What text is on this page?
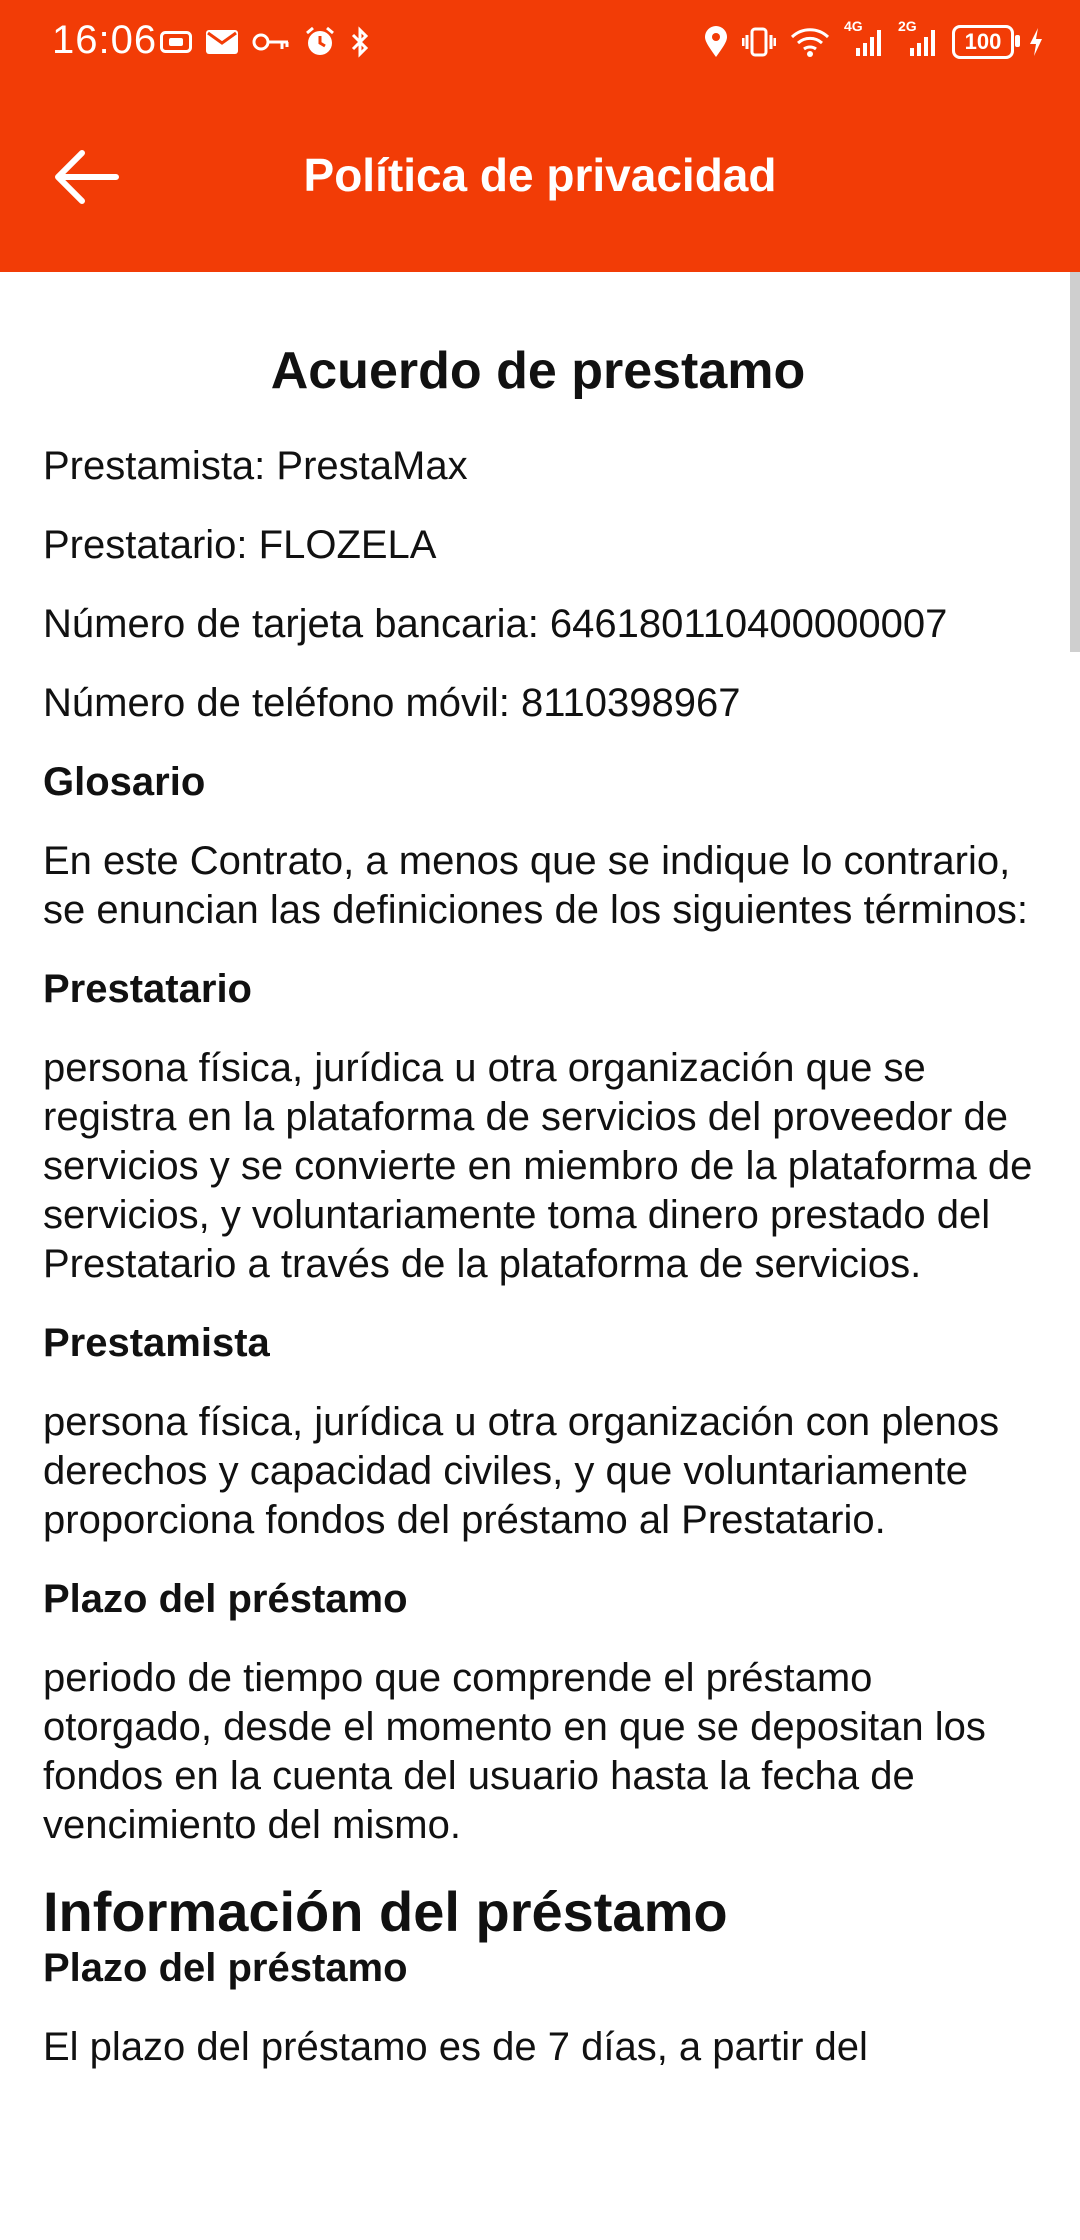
16:06	4G	2G
100
Política de privacidad
Acuerdo de prestamo

Prestamista: PrestaMax

Prestatario: FLOZELA

Número de tarjeta bancaria: 646180110400000007

Número de teléfono móvil: 8110398967

Glosario

En este Contrato, a menos que se indique lo contrario, se enuncian las definiciones de los siguientes términos:

Prestatario

persona física, jurídica u otra organización que se registra en la plataforma de servicios del proveedor de servicios y se convierte en miembro de la plataforma de servicios, y voluntariamente toma dinero prestado del Prestatario a través de la plataforma de servicios.

Prestamista

persona física, jurídica u otra organización con plenos derechos y capacidad civiles, y que voluntariamente proporciona fondos del préstamo al Prestatario.

Plazo del préstamo

periodo de tiempo que comprende el préstamo otorgado, desde el momento en que se depositan los fondos en la cuenta del usuario hasta la fecha de vencimiento del mismo.

Información del préstamo

Plazo del préstamo

El plazo del préstamo es de 7 días, a partir del
